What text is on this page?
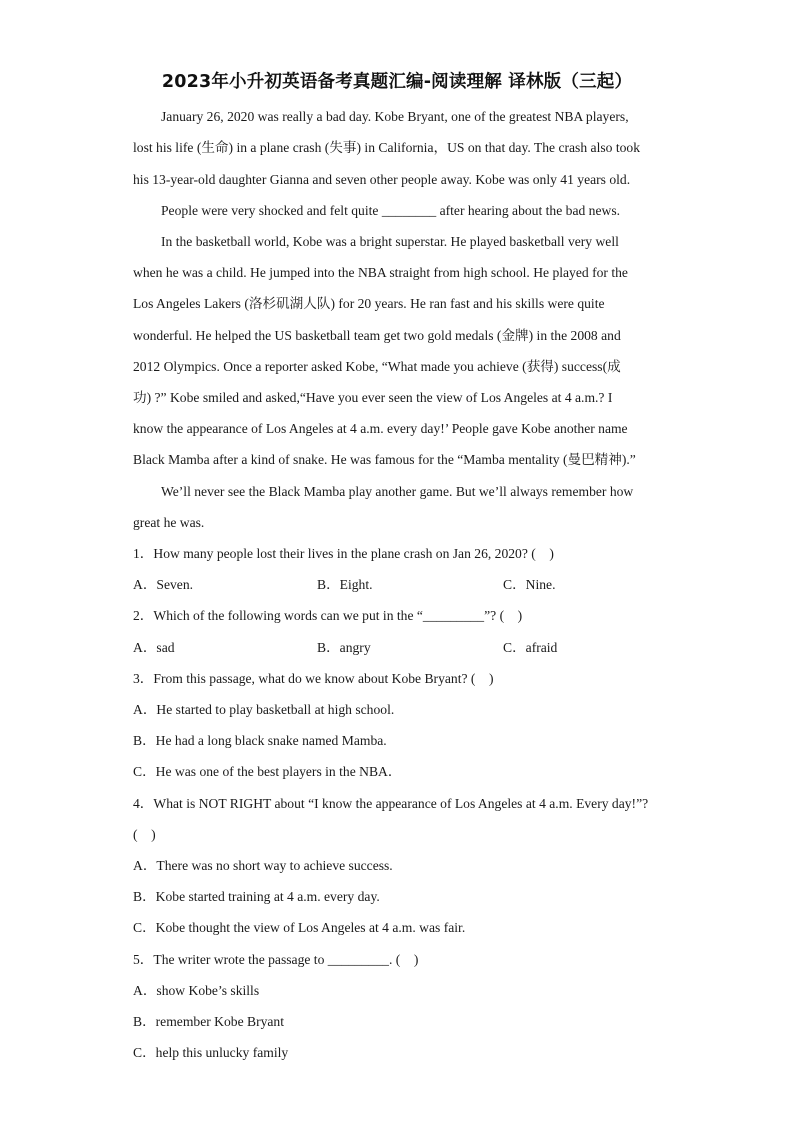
2023年小升初英语备考真题汇编-阅读理解 译林版（三起）
January 26, 2020 was really a bad day. Kobe Bryant, one of the greatest NBA players,
lost his life (生命) in a plane crash (失事) in California，US on that day. The crash also took
his 13-year-old daughter Gianna and seven other people away. Kobe was only 41 years old.
People were very shocked and felt quite ________ after hearing about the bad news.
In the basketball world, Kobe was a bright superstar. He played basketball very well
when he was a child. He jumped into the NBA straight from high school. He played for the
Los Angeles Lakers (洛杉矶湖人队) for 20 years. He ran fast and his skills were quite
wonderful. He helped the US basketball team get two gold medals (金牌) in the 2008 and
2012 Olympics. Once a reporter asked Kobe, “What made you achieve (获得) success(成
功) ?” Kobe smiled and asked,“Have you ever seen the view of Los Angeles at 4 a.m.? I
know the appearance of Los Angeles at 4 a.m. every day!’ People gave Kobe another name
Black Mamba after a kind of snake. He was famous for the “Mamba mentality (曼巴精神).”
We’ll never see the Black Mamba play another game. But we’ll always remember how
great he was.
1．How many people lost their lives in the plane crash on Jan 26, 2020? (　)
A．Seven.	B．Eight.	C．Nine.
2．Which of the following words can we put in the “_________”? (　)
A．sad	B．angry	C．afraid
3．From this passage, what do we know about Kobe Bryant? (　)
A．He started to play basketball at high school.
B．He had a long black snake named Mamba.
C．He was one of the best players in the NBA．
4．What is NOT RIGHT about “I know the appearance of Los Angeles at 4 a.m. Every day!”?
(　)
A．There was no short way to achieve success.
B．Kobe started training at 4 a.m. every day.
C．Kobe thought the view of Los Angeles at 4 a.m. was fair.
5．The writer wrote the passage to _________. (　)
A．show Kobe’s skills
B．remember Kobe Bryant
C．help this unlucky family
